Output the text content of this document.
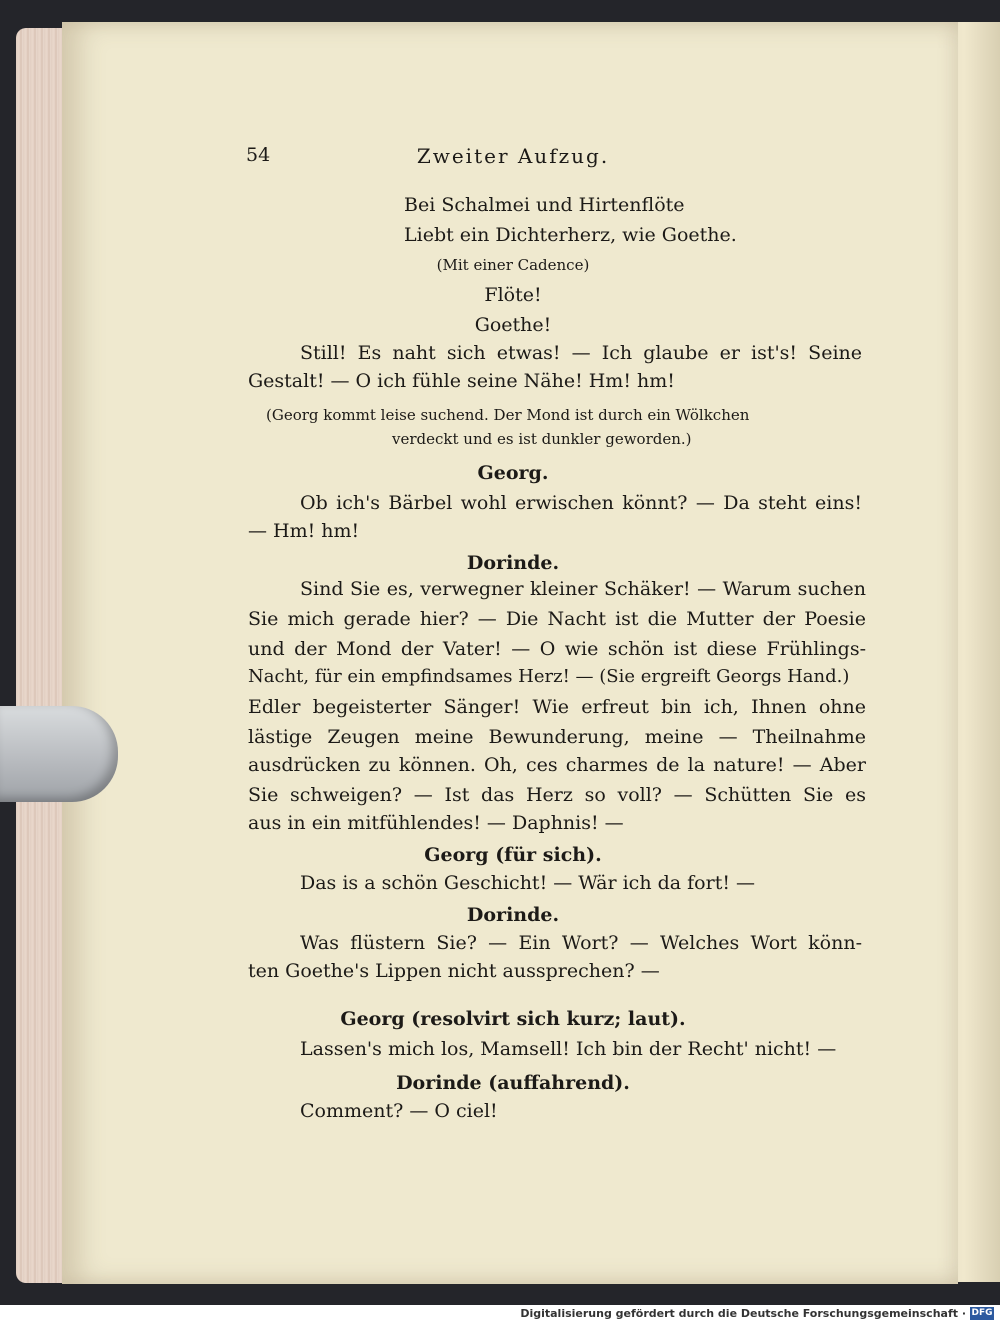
54	Zweiter Aufzug.
Bei Schalmei und Hirtenflöte
Liebt ein Dichterherz, wie Goethe.
(Mit einer Cadence)
Flöte!
Goethe!
Still! Es naht sich etwas! — Ich glaube er ist's! Seine
Gestalt! — O ich fühle seine Nähe! Hm! hm!
(Georg kommt leise suchend. Der Mond ist durch ein Wölkchen
verdeckt und es ist dunkler geworden.)
Georg.
Ob ich's Bärbel wohl erwischen könnt? — Da steht eins!
— Hm! hm!
Dorinde.
Sind Sie es, verwegner kleiner Schäker! — Warum suchen
Sie mich gerade hier? — Die Nacht ist die Mutter der Poesie
und der Mond der Vater! — O wie schön ist diese Frühlings-
Nacht, für ein empfindsames Herz! — (Sie ergreift Georgs Hand.)
Edler begeisterter Sänger! Wie erfreut bin ich, Ihnen ohne
lästige Zeugen meine Bewunderung, meine — Theilnahme
ausdrücken zu können. Oh, ces charmes de la nature! — Aber
Sie schweigen? — Ist das Herz so voll? — Schütten Sie es
aus in ein mitfühlendes! — Daphnis! —
Georg (für sich).
Das is a schön Geschicht! — Wär ich da fort! —
Dorinde.
Was flüstern Sie? — Ein Wort? — Welches Wort könn-
ten Goethe's Lippen nicht aussprechen? —
Georg (resolvirt sich kurz; laut).
Lassen's mich los, Mamsell! Ich bin der Recht' nicht! —
Dorinde (auffahrend).
Comment? — O ciel!
Digitalisierung gefördert durch die Deutsche Forschungsgemeinschaft · DFG
